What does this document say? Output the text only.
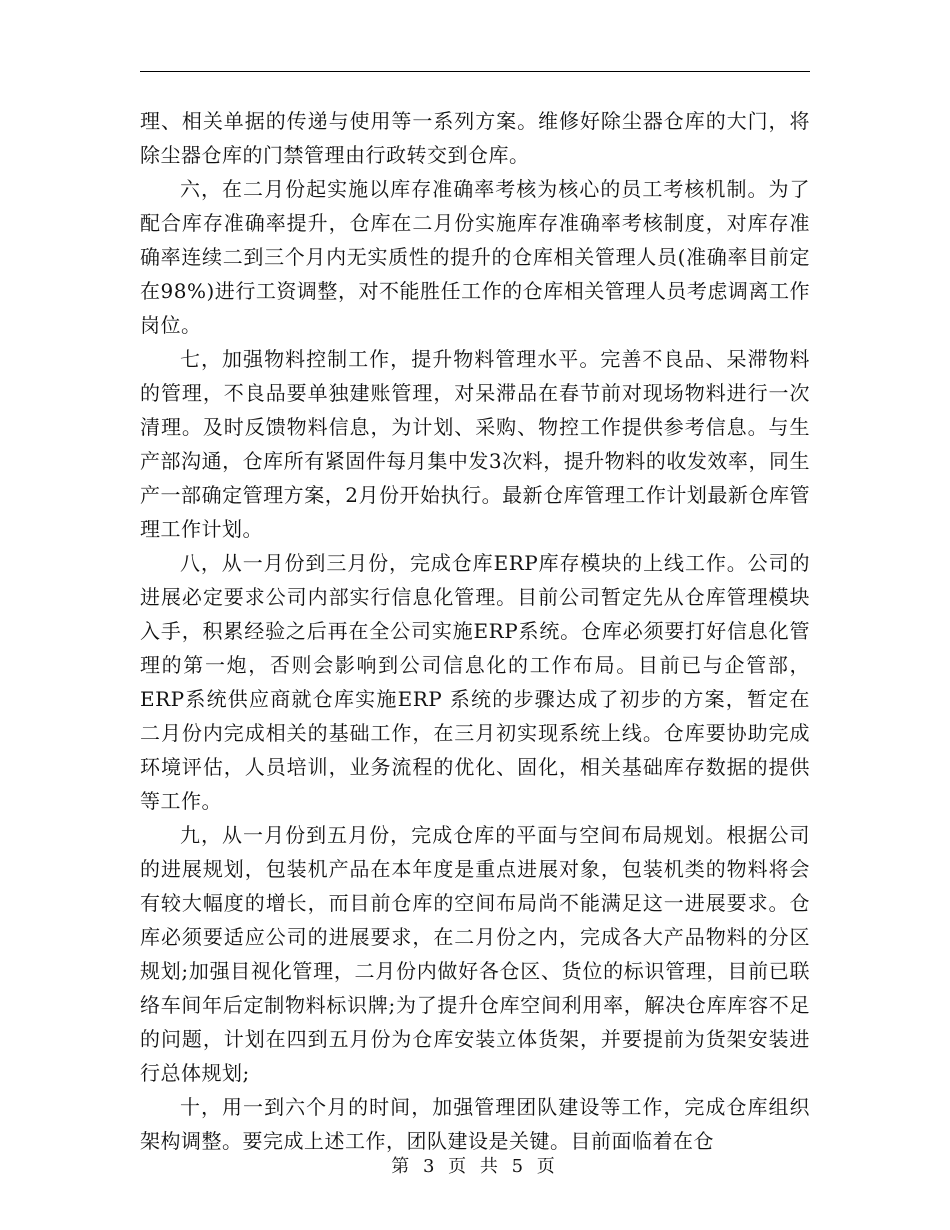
理、相关单据的传递与使用等一系列方案。维修好除尘器仓库的大门，将除尘器仓库的门禁管理由行政转交到仓库。

六，在二月份起实施以库存准确率考核为核心的员工考核机制。为了配合库存准确率提升，仓库在二月份实施库存准确率考核制度，对库存准确率连续二到三个月内无实质性的提升的仓库相关管理人员(准确率目前定在98%)进行工资调整，对不能胜任工作的仓库相关管理人员考虑调离工作岗位。

七，加强物料控制工作，提升物料管理水平。完善不良品、呆滞物料的管理，不良品要单独建账管理，对呆滞品在春节前对现场物料进行一次清理。及时反馈物料信息，为计划、采购、物控工作提供参考信息。与生产部沟通，仓库所有紧固件每月集中发3次料，提升物料的收发效率，同生产一部确定管理方案，2月份开始执行。最新仓库管理工作计划最新仓库管理工作计划。

八，从一月份到三月份，完成仓库ERP库存模块的上线工作。公司的进展必定要求公司内部实行信息化管理。目前公司暂定先从仓库管理模块入手，积累经验之后再在全公司实施ERP系统。仓库必须要打好信息化管理的第一炮，否则会影响到公司信息化的工作布局。目前已与企管部，ERP系统供应商就仓库实施ERP 系统的步骤达成了初步的方案，暂定在二月份内完成相关的基础工作，在三月初实现系统上线。仓库要协助完成环境评估，人员培训，业务流程的优化、固化，相关基础库存数据的提供等工作。

九，从一月份到五月份，完成仓库的平面与空间布局规划。根据公司的进展规划，包装机产品在本年度是重点进展对象，包装机类的物料将会有较大幅度的增长，而目前仓库的空间布局尚不能满足这一进展要求。仓库必须要适应公司的进展要求，在二月份之内，完成各大产品物料的分区规划;加强目视化管理，二月份内做好各仓区、货位的标识管理，目前已联络车间年后定制物料标识牌;为了提升仓库空间利用率，解决仓库库容不足的问题，计划在四到五月份为仓库安装立体货架，并要提前为货架安装进行总体规划;

十，用一到六个月的时间，加强管理团队建设等工作，完成仓库组织架构调整。要完成上述工作，团队建设是关键。目前面临着在仓

第 3 页 共 5 页
